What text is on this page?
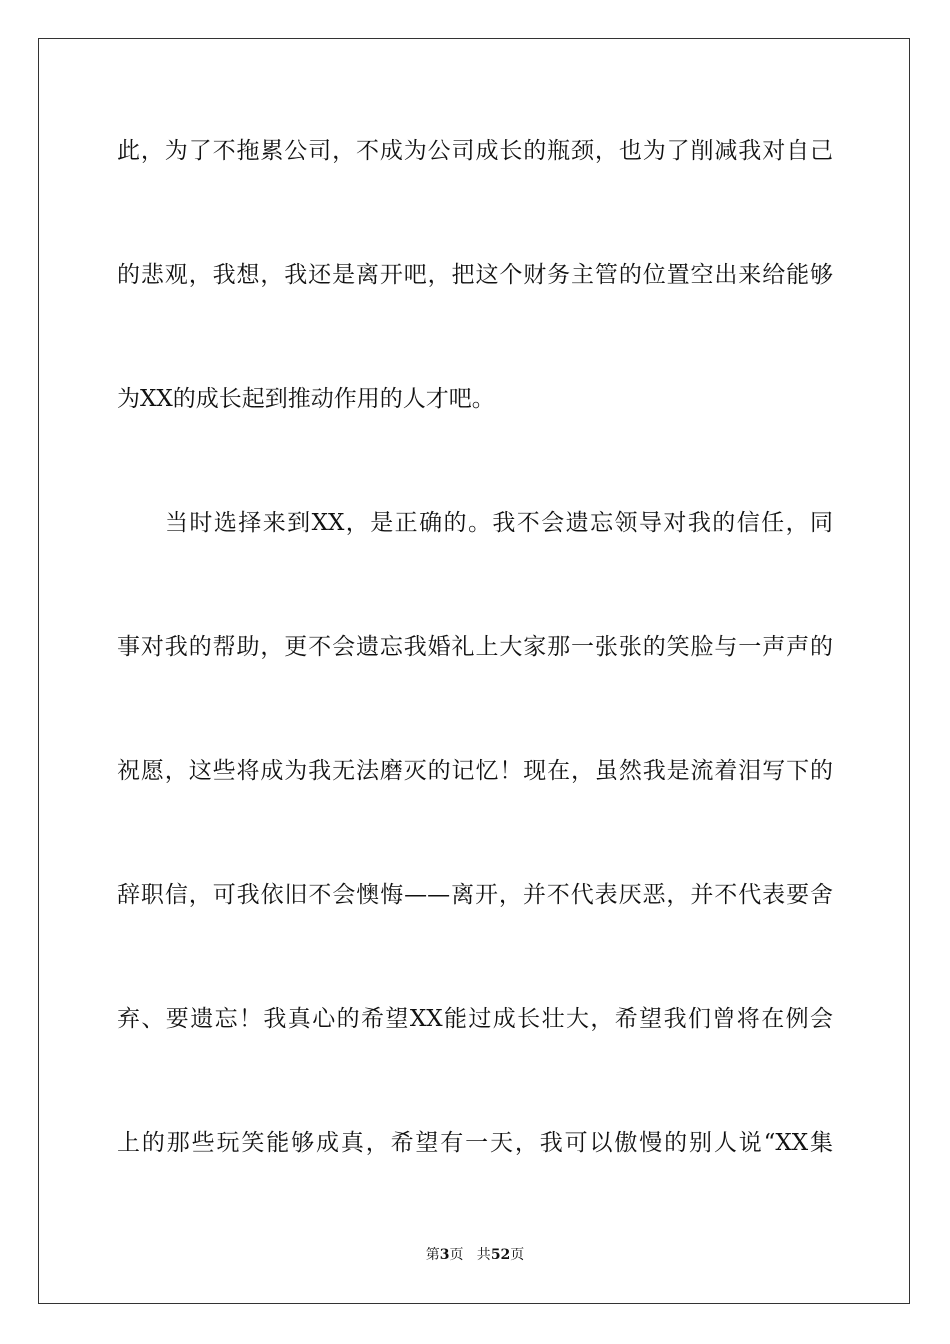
此，为了不拖累公司，不成为公司成长的瓶颈，也为了削减我对自己
的悲观，我想，我还是离开吧，把这个财务主管的位置空出来给能够
为XX的成长起到推动作用的人才吧。
当时选择来到XX，是正确的。我不会遗忘领导对我的信任，同
事对我的帮助，更不会遗忘我婚礼上大家那一张张的笑脸与一声声的
祝愿，这些将成为我无法磨灭的记忆！现在，虽然我是流着泪写下的
辞职信，可我依旧不会懊悔——离开，并不代表厌恶，并不代表要舍
弃、要遗忘！我真心的希望XX能过成长壮大，希望我们曾将在例会
上的那些玩笑能够成真，希望有一天，我可以傲慢的别人说“XX集
第3页   共52页
